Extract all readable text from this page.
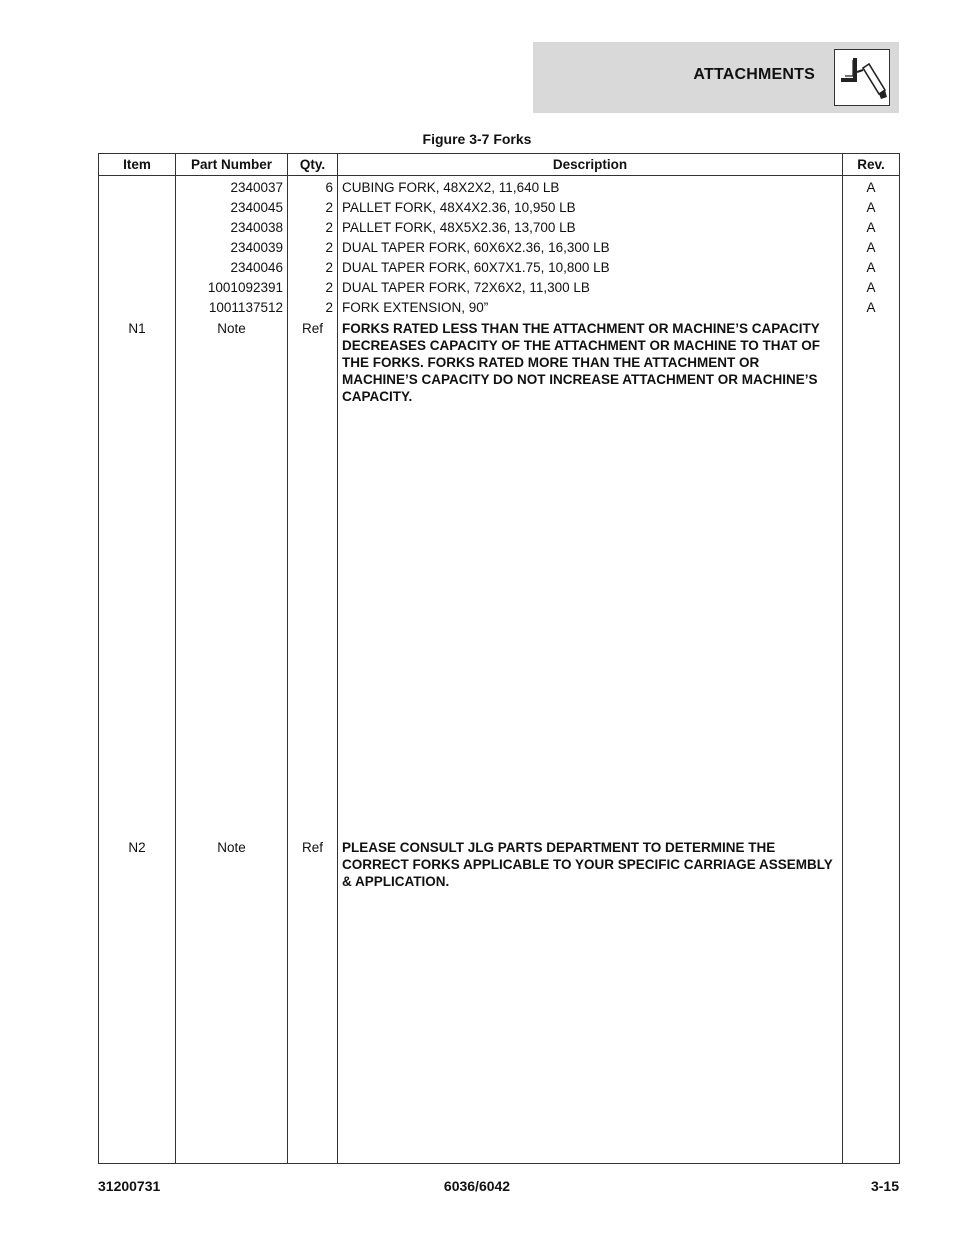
ATTACHMENTS
Figure 3-7 Forks
Item	Part Number	Qty.	Description	Rev.
	2340037	6	CUBING FORK, 48X2X2, 11,640 LB	A
	2340045	2	PALLET FORK, 48X4X2.36, 10,950 LB	A
	2340038	2	PALLET FORK, 48X5X2.36, 13,700 LB	A
	2340039	2	DUAL TAPER FORK, 60X6X2.36, 16,300 LB	A
	2340046	2	DUAL TAPER FORK, 60X7X1.75, 10,800 LB	A
	1001092391	2	DUAL TAPER FORK, 72X6X2, 11,300 LB	A
	1001137512	2	FORK EXTENSION, 90”	A

N1	Note	Ref	FORKS RATED LESS THAN THE ATTACHMENT OR MACHINE’S CAPACITY DECREASES CAPACITY OF THE ATTACHMENT OR MACHINE TO THAT OF THE FORKS. FORKS RATED MORE THAN THE ATTACHMENT OR MACHINE’S CAPACITY DO NOT INCREASE ATTACHMENT OR MACHINE’S CAPACITY.	
N2	Note	Ref	PLEASE CONSULT JLG PARTS DEPARTMENT TO DETERMINE THE CORRECT FORKS APPLICABLE TO YOUR SPECIFIC CARRIAGE ASSEMBLY & APPLICATION.	
31200731	6036/6042	3-15
